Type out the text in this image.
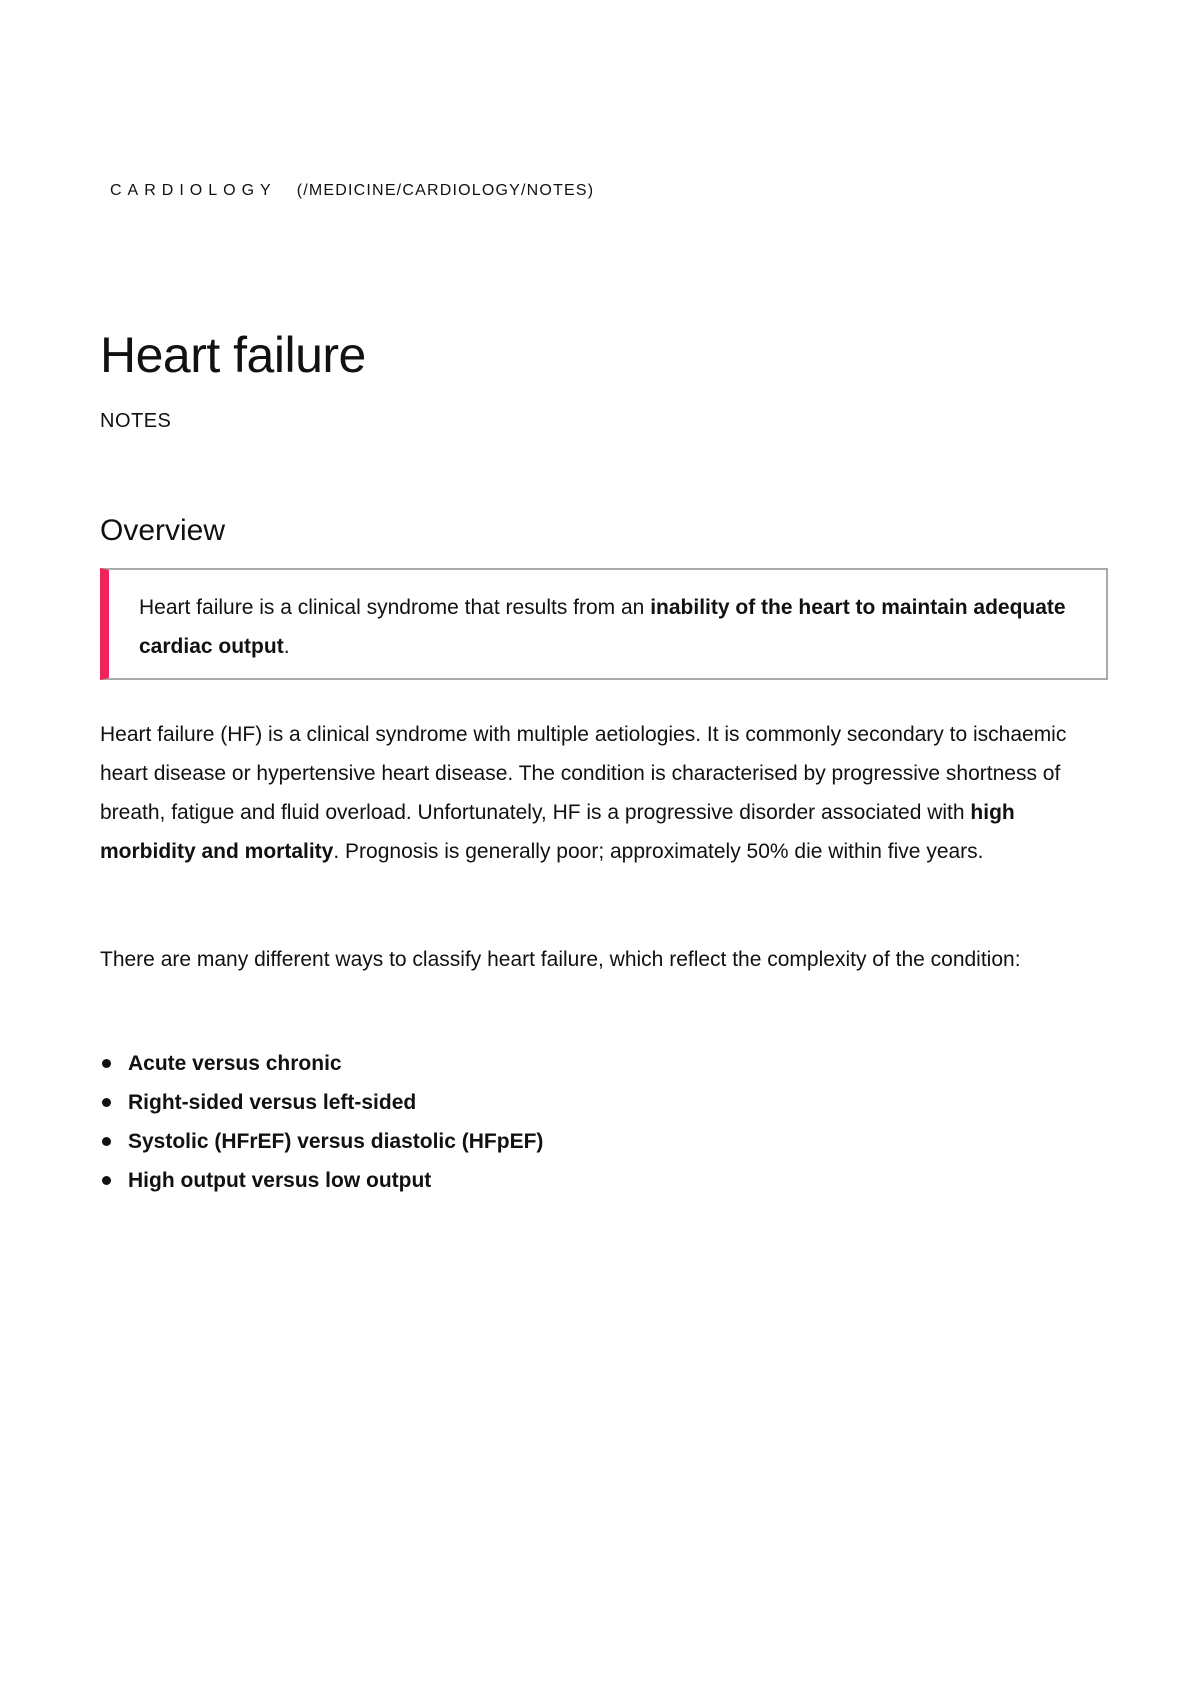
CARDIOLOGY (/MEDICINE/CARDIOLOGY/NOTES)
Heart failure
NOTES
Overview
Heart failure is a clinical syndrome that results from an inability of the heart to maintain adequate cardiac output.

Heart failure (HF) is a clinical syndrome with multiple aetiologies. It is commonly secondary to ischaemic heart disease or hypertensive heart disease. The condition is characterised by progressive shortness of breath, fatigue and fluid overload. Unfortunately, HF is a progressive disorder associated with high morbidity and mortality. Prognosis is generally poor; approximately 50% die within five years.

There are many different ways to classify heart failure, which reflect the complexity of the condition:

Acute versus chronic
Right-sided versus left-sided
Systolic (HFrEF) versus diastolic (HFpEF)
High output versus low output
